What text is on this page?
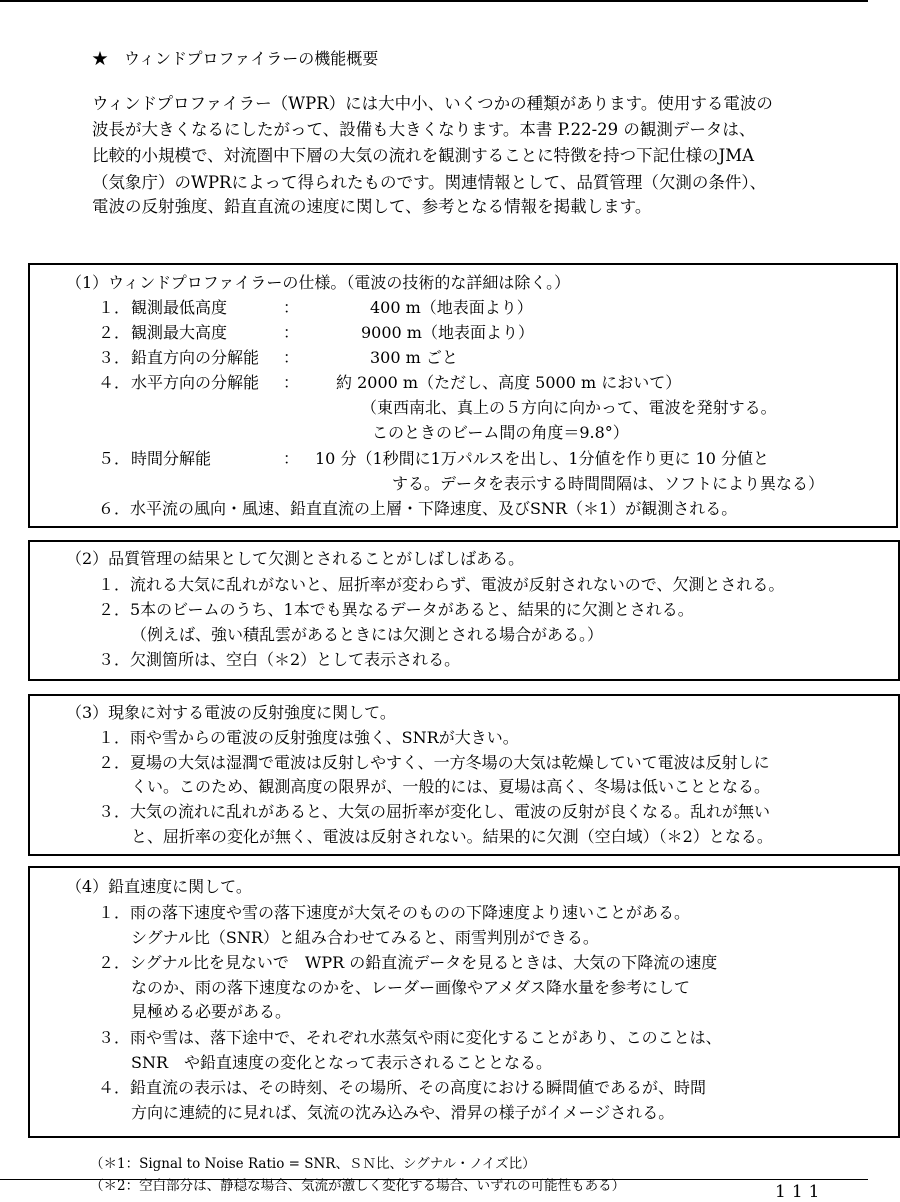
★　ウィンドプロファイラーの機能概要
ウィンドプロファイラー（WPR）には大中小、いくつかの種類があります。使用する電波の
波長が大きくなるにしたがって、設備も大きくなります。本書 P.22-29 の観測データは、
比較的小規模で、対流圏中下層の大気の流れを観測することに特徴を持つ下記仕様のJMA
（気象庁）のWPRによって得られたものです。関連情報として、品質管理（欠測の条件）、
電波の反射強度、鉛直直流の速度に関して、参考となる情報を掲載します。
（1）ウィンドプロファイラーの仕様。（電波の技術的な詳細は除く。）
１． 観測最低高度	：	400 m（地表面より）
２． 観測最大高度	：	9000 m（地表面より）
３． 鉛直方向の分解能 ：	300 m ごと
４． 水平方向の分解能 ： 約 2000 m（ただし、高度 5000 m において）
（東西南北、真上の５方向に向かって、電波を発射する。
このときのビーム間の角度＝9.8°）
５． 時間分解能	： 10 分（1秒間に1万パルスを出し、1分値を作り更に 10 分値と
する。データを表示する時間間隔は、ソフトにより異なる）
６．水平流の風向・風速、鉛直直流の上層・下降速度、及びSNR（＊1）が観測される。
（2）品質管理の結果として欠測とされることがしばしばある。
１．流れる大気に乱れがないと、屈折率が変わらず、電波が反射されないので、欠測とされる。
２．5本のビームのうち、1本でも異なるデータがあると、結果的に欠測とされる。
（例えば、強い積乱雲があるときには欠測とされる場合がある。）
３．欠測箇所は、空白（＊2）として表示される。
（3）現象に対する電波の反射強度に関して。
１．雨や雪からの電波の反射強度は強く、SNRが大きい。
２．夏場の大気は湿潤で電波は反射しやすく、一方冬場の大気は乾燥していて電波は反射しに
くい。このため、観測高度の限界が、一般的には、夏場は高く、冬場は低いこととなる。
３．大気の流れに乱れがあると、大気の屈折率が変化し、電波の反射が良くなる。乱れが無い
と、屈折率の変化が無く、電波は反射されない。結果的に欠測（空白域）（＊2）となる。
（4）鉛直速度に関して。
１．雨の落下速度や雪の落下速度が大気そのものの下降速度より速いことがある。
シグナル比（SNR）と組み合わせてみると、雨雪判別ができる。
２．シグナル比を見ないで　WPR の鉛直流データを見るときは、大気の下降流の速度
なのか、雨の落下速度なのかを、レーダー画像やアメダス降水量を参考にして
見極める必要がある。
３．雨や雪は、落下途中で、それぞれ水蒸気や雨に変化することがあり、このことは、
SNR　や鉛直速度の変化となって表示されることとなる。
４．鉛直流の表示は、その時刻、その場所、その高度における瞬間値であるが、時間
方向に連続的に見れば、気流の沈み込みや、滑昇の様子がイメージされる。
（＊1：Signal to Noise Ratio = SNR、ＳＮ比、シグナル・ノイズ比）
（＊2：空白部分は、静穏な場合、気流が激しく変化する場合、いずれの可能性もある）	111
